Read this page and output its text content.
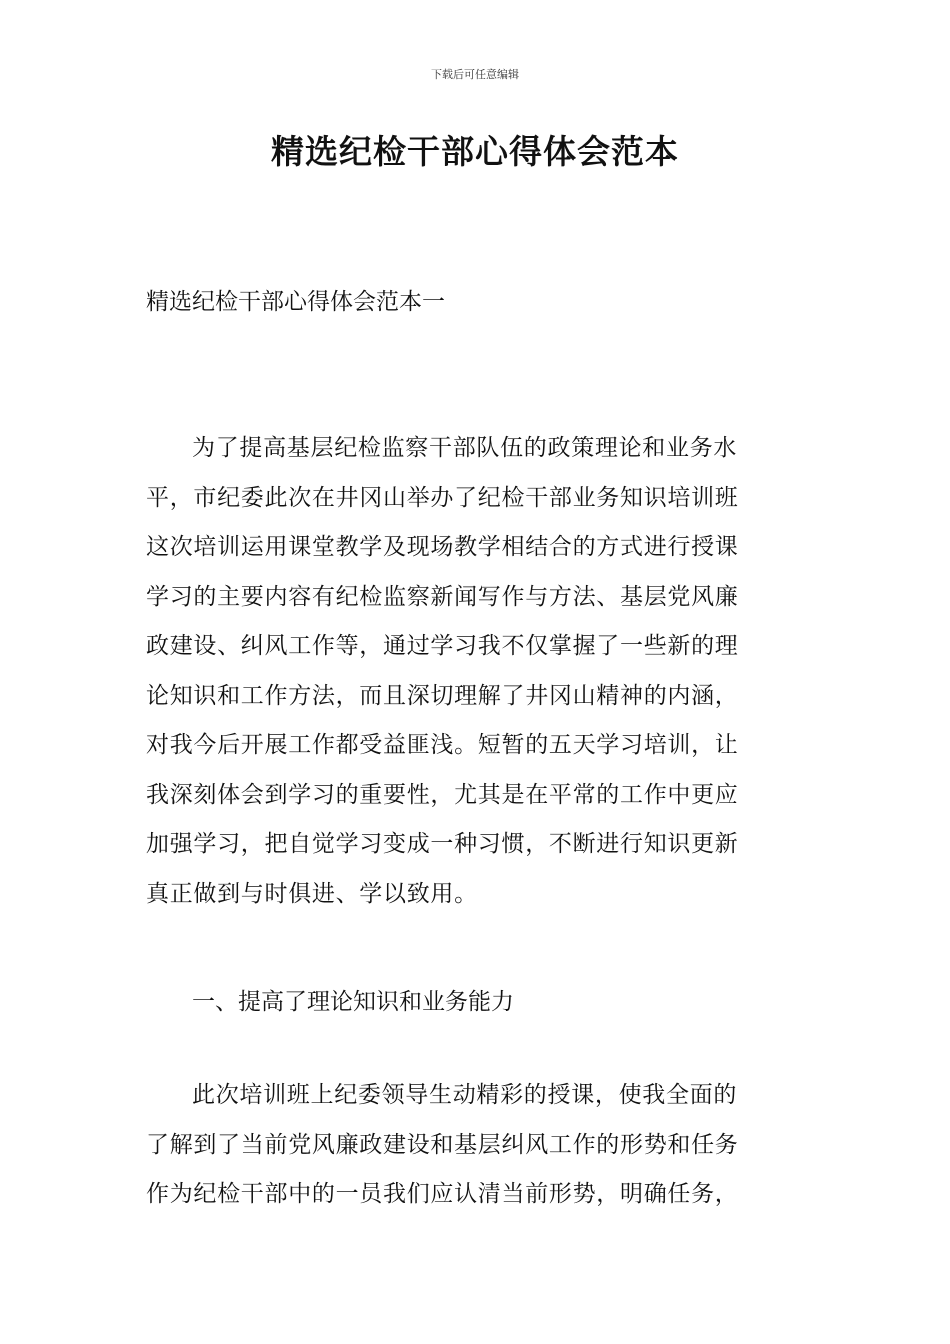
下载后可任意编辑
精选纪检干部心得体会范本
精选纪检干部心得体会范本一

为了提高基层纪检监察干部队伍的政策理论和业务水
平，市纪委此次在井冈山举办了纪检干部业务知识培训班
这次培训运用课堂教学及现场教学相结合的方式进行授课
学习的主要内容有纪检监察新闻写作与方法、基层党风廉
政建设、纠风工作等，通过学习我不仅掌握了一些新的理
论知识和工作方法，而且深切理解了井冈山精神的内涵，
对我今后开展工作都受益匪浅。短暂的五天学习培训，让
我深刻体会到学习的重要性，尤其是在平常的工作中更应
加强学习，把自觉学习变成一种习惯，不断进行知识更新
真正做到与时俱进、学以致用。

一、提高了理论知识和业务能力

此次培训班上纪委领导生动精彩的授课，使我全面的
了解到了当前党风廉政建设和基层纠风工作的形势和任务
作为纪检干部中的一员我们应认清当前形势，明确任务，
